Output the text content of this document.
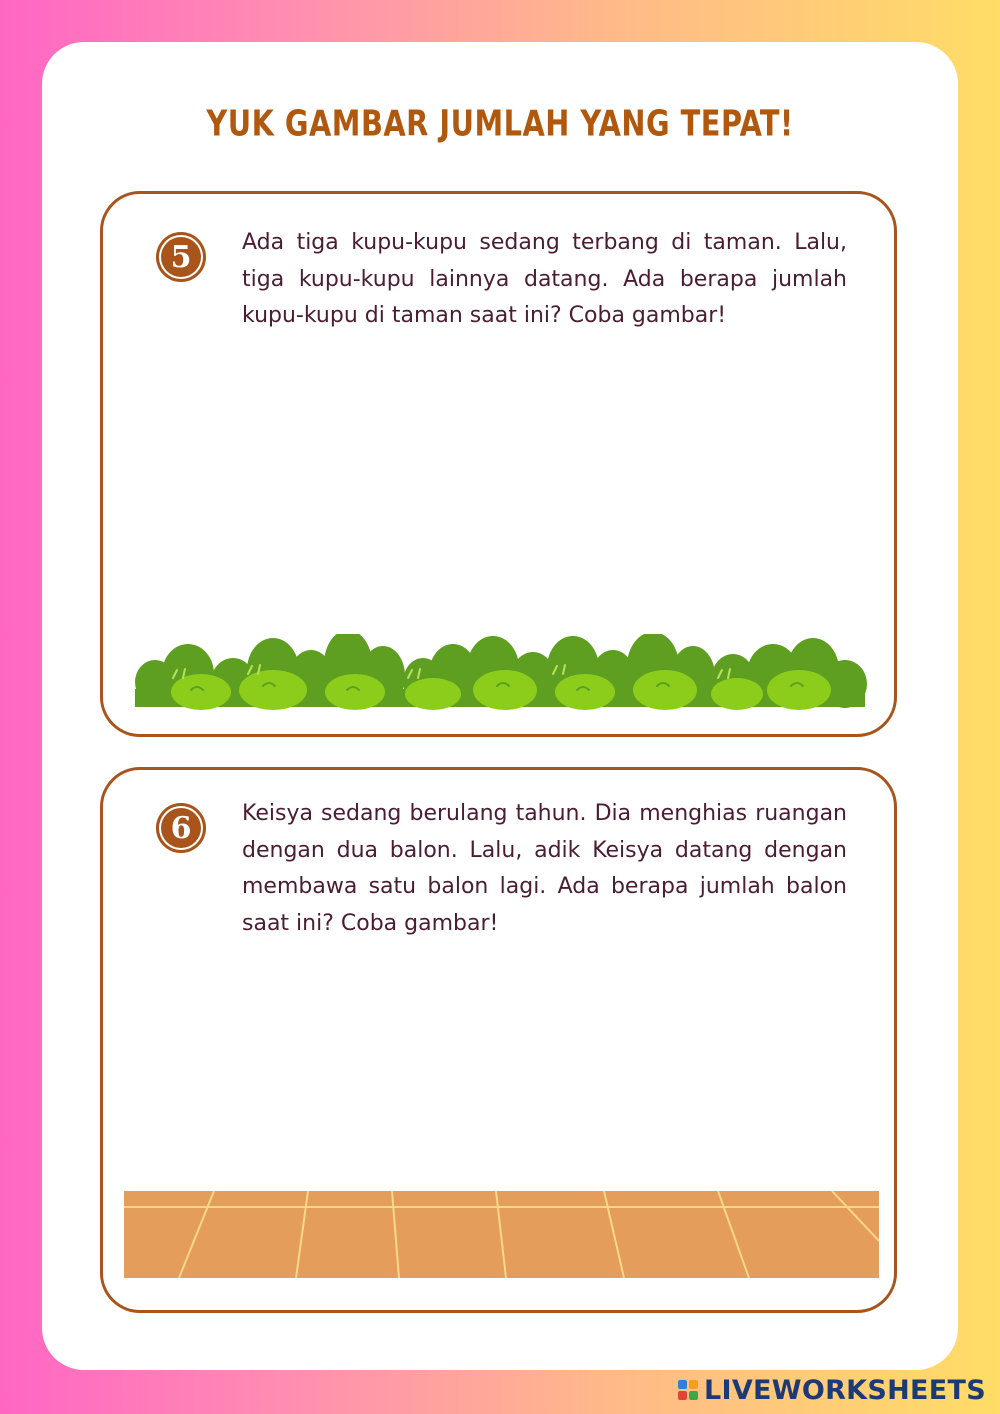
YUK GAMBAR JUMLAH YANG TEPAT!
5	Ada tiga kupu-kupu sedang terbang di taman. Lalu, tiga kupu-kupu lainnya datang. Ada berapa jumlah kupu-kupu di taman saat ini? Coba gambar!
6	Keisya sedang berulang tahun. Dia menghias ruangan dengan dua balon. Lalu, adik Keisya datang dengan membawa satu balon lagi. Ada berapa jumlah balon saat ini? Coba gambar!
LIVEWORKSHEETS
